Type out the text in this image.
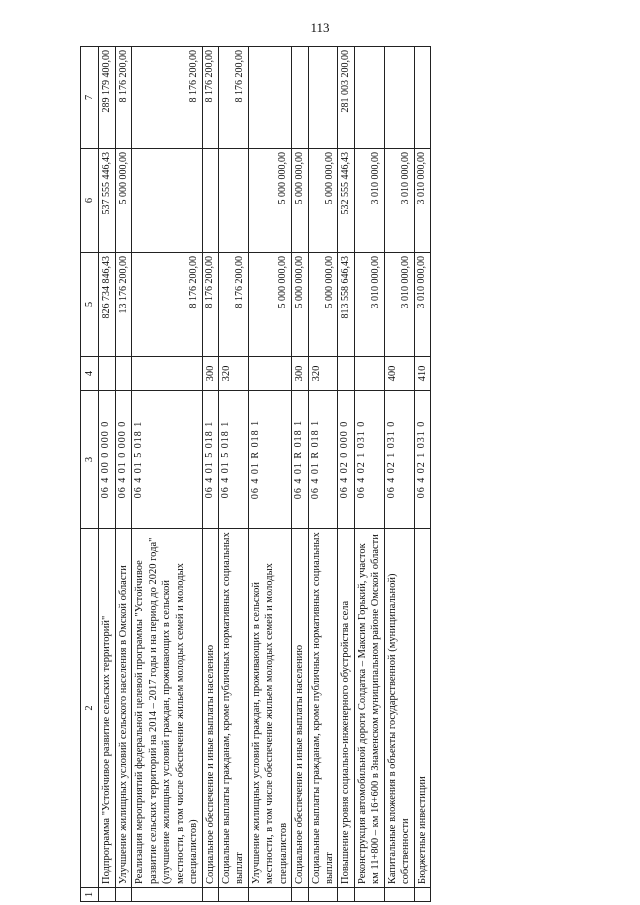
113
1	2	3	4	5	6	7
	Подпрограмма "Устойчивое развитие сельских территорий"	06 4 00 0 000 0		826 734 846,43	537 555 446,43	289 179 400,00
	Улучшение жилищных условий сельского населения в Омской области	06 4 01 0 000 0		13 176 200,00	5 000 000,00	8 176 200,00
	Реализация мероприятий федеральной целевой программы "Устойчивое развитие сельских территорий на 2014 – 2017 годы и на период до 2020 года" (улучшение жилищных условий граждан, проживающих в сельской местности, в том числе обеспечение жильем молодых семей и молодых специалистов)	06 4 01 5 018 1		8 176 200,00		8 176 200,00
	Социальное обеспечение и иные выплаты населению	06 4 01 5 018 1	300	8 176 200,00		8 176 200,00
	Социальные выплаты гражданам, кроме публичных нормативных социальных выплат	06 4 01 5 018 1	320	8 176 200,00		8 176 200,00
	Улучшение жилищных условий граждан, проживающих в сельской местности, в том числе обеспечение жильем молодых семей и молодых специалистов	06 4 01 R 018 1		5 000 000,00	5 000 000,00	
	Социальное обеспечение и иные выплаты населению	06 4 01 R 018 1	300	5 000 000,00	5 000 000,00	
	Социальные выплаты гражданам, кроме публичных нормативных социальных выплат	06 4 01 R 018 1	320	5 000 000,00	5 000 000,00	
	Повышение уровня социально-инженерного обустройства села	06 4 02 0 000 0		813 558 646,43	532 555 446,43	281 003 200,00
	Реконструкция автомобильной дороги Солдатка – Максим Горький, участок км 11+800 – км 16+600 в Знаменском муниципальном районе Омской области	06 4 02 1 031 0		3 010 000,00	3 010 000,00	
	Капитальные вложения в объекты государственной (муниципальной) собственности	06 4 02 1 031 0	400	3 010 000,00	3 010 000,00	
	Бюджетные инвестиции	06 4 02 1 031 0	410	3 010 000,00	3 010 000,00	
